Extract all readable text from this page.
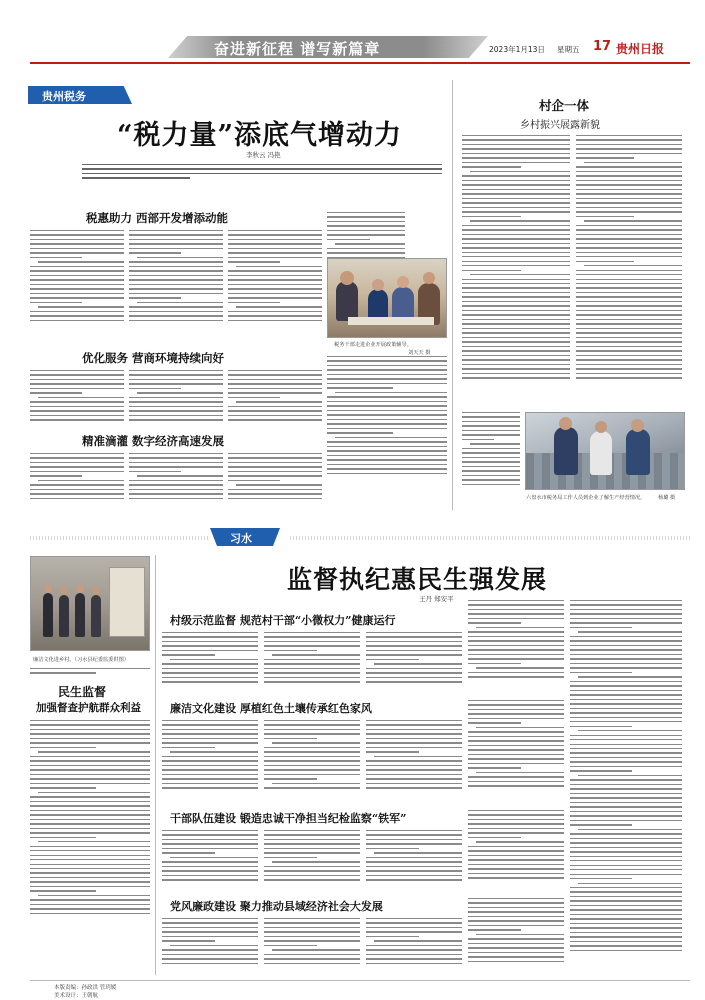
奋进新征程 谱写新篇章	2023年1月13日 星期五 17 贵州日报
贵州税务
“税力量”添底气增动力
李秋云 冯艳
税惠助力 西部开发增添动能
税务干部走进企业开展政策辅导。
刘天天 摄
优化服务 营商环境持续向好
精准滴灌 数字经济高速发展
村企一体
乡村振兴展露新貌
六盘水市税务局工作人员到企业了解生产经营情况。 杨璐 摄
习水
监督执纪惠民生强发展
王丹 郑安平
廉洁文化进乡村。（习水县纪委监委供图）
民生监督
加强督查护航群众利益
村级示范监督 规范村干部“小微权力”健康运行
廉洁文化建设 厚植红色土壤传承红色家风
干部队伍建设 锻造忠诚干净担当纪检监察“铁军”
党风廉政建设 聚力推动县域经济社会大发展
本版责编：孙政洪 管玥媛
美术设计：王朝航
